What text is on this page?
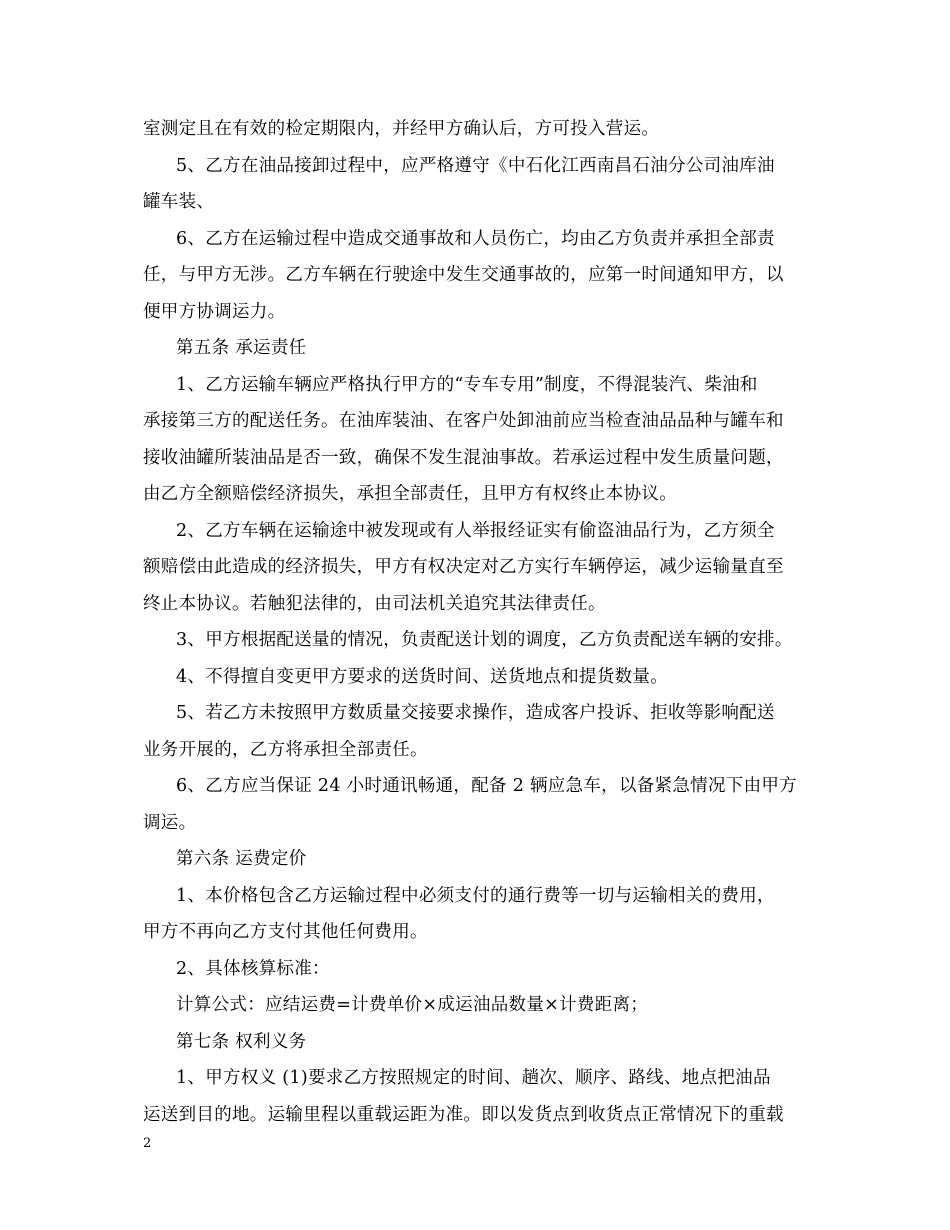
室测定且在有效的检定期限内，并经甲方确认后，方可投入营运。
5、乙方在油品接卸过程中，应严格遵守《中石化江西南昌石油分公司油库油
罐车装、
6、乙方在运输过程中造成交通事故和人员伤亡，均由乙方负责并承担全部责
任，与甲方无涉。乙方车辆在行驶途中发生交通事故的，应第一时间通知甲方，以
便甲方协调运力。
第五条 承运责任
1、乙方运输车辆应严格执行甲方的“专车专用”制度，不得混装汽、柴油和
承接第三方的配送任务。在油库装油、在客户处卸油前应当检查油品品种与罐车和
接收油罐所装油品是否一致，确保不发生混油事故。若承运过程中发生质量问题，
由乙方全额赔偿经济损失，承担全部责任，且甲方有权终止本协议。
2、乙方车辆在运输途中被发现或有人举报经证实有偷盗油品行为，乙方须全
额赔偿由此造成的经济损失，甲方有权决定对乙方实行车辆停运，减少运输量直至
终止本协议。若触犯法律的，由司法机关追究其法律责任。
3、甲方根据配送量的情况，负责配送计划的调度，乙方负责配送车辆的安排。
4、不得擅自变更甲方要求的送货时间、送货地点和提货数量。
5、若乙方未按照甲方数质量交接要求操作，造成客户投诉、拒收等影响配送
业务开展的，乙方将承担全部责任。
6、乙方应当保证 24 小时通讯畅通，配备 2 辆应急车，以备紧急情况下由甲方
调运。
第六条 运费定价
1、本价格包含乙方运输过程中必须支付的通行费等一切与运输相关的费用，
甲方不再向乙方支付其他任何费用。
2、具体核算标准：
计算公式：应结运费=计费单价×成运油品数量×计费距离；
第七条 权利义务
1、甲方权义 (1)要求乙方按照规定的时间、趟次、顺序、路线、地点把油品
运送到目的地。运输里程以重载运距为准。即以发货点到收货点正常情况下的重载
2
